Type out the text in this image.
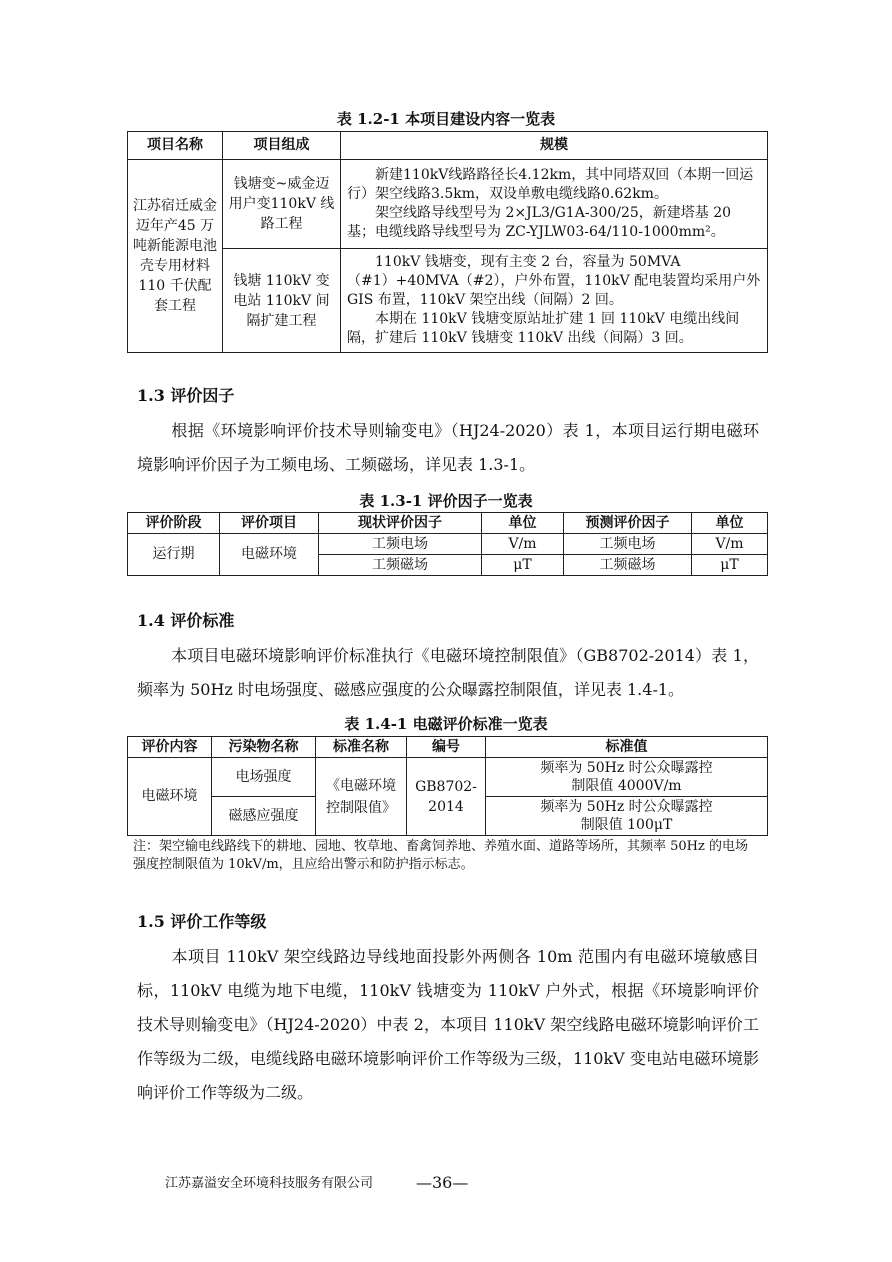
表 1.2-1 本项目建设内容一览表
项目名称	项目组成	规模
江苏宿迁威金迈年产45 万吨新能源电池壳专用材料110 千伏配套工程	钱塘变~威金迈用户变110kV 线路工程	新建110kV线路路径长4.12km，其中同塔双回（本期一回运行）架空线路3.5km，双设单敷电缆线路0.62km。

架空线路导线型号为 2×JL3/G1A-300/25，新建塔基 20 基；电缆线路导线型号为 ZC-YJLW03-64/110-1000mm²。

	钱塘 110kV 变电站 110kV 间隔扩建工程	110kV 钱塘变，现有主变 2 台，容量为 50MVA（#1）+40MVA（#2），户外布置，110kV 配电装置均采用户外 GIS 布置，110kV 架空出线（间隔）2 回。

本期在 110kV 钱塘变原站址扩建 1 回 110kV 电缆出线间隔，扩建后 110kV 钱塘变 110kV 出线（间隔）3 回。

1.3 评价因子

根据《环境影响评价技术导则输变电》（HJ24-2020）表 1，本项目运行期电磁环境影响评价因子为工频电场、工频磁场，详见表 1.3-1。

表 1.3-1 评价因子一览表
评价阶段	评价项目	现状评价因子	单位	预测评价因子	单位
运行期	电磁环境	工频电场	V/m	工频电场	V/m
		工频磁场	μT	工频磁场	μT
1.4 评价标准

本项目电磁环境影响评价标准执行《电磁环境控制限值》（GB8702-2014）表 1，频率为 50Hz 时电场强度、磁感应强度的公众曝露控制限值，详见表 1.4-1。

表 1.4-1 电磁评价标准一览表
评价内容	污染物名称	标准名称	编号	标准值
电磁环境	电场强度	《电磁环境控制限值》	GB8702-2014	频率为 50Hz 时公众曝露控制限值 4000V/m
	磁感应强度			频率为 50Hz 时公众曝露控制限值 100μT

注：架空输电线路线下的耕地、园地、牧草地、畜禽饲养地、养殖水面、道路等场所，其频率 50Hz 的电场强度控制限值为 10kV/m，且应给出警示和防护指示标志。

1.5 评价工作等级

本项目 110kV 架空线路边导线地面投影外两侧各 10m 范围内有电磁环境敏感目标，110kV 电缆为地下电缆，110kV 钱塘变为 110kV 户外式，根据《环境影响评价技术导则输变电》（HJ24-2020）中表 2，本项目 110kV 架空线路电磁环境影响评价工作等级为二级，电缆线路电磁环境影响评价工作等级为三级，110kV 变电站电磁环境影响评价工作等级为二级。

江苏嘉溢安全环境科技服务有限公司	—36—
